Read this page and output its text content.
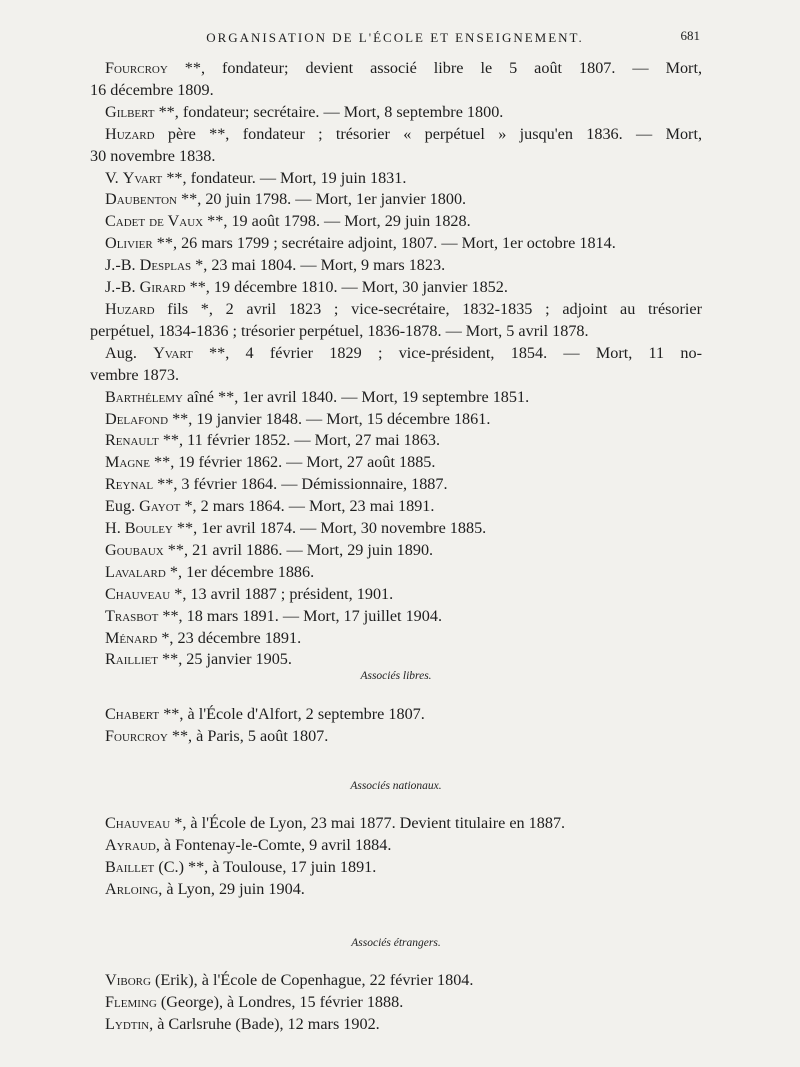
ORGANISATION DE L'ÉCOLE ET ENSEIGNEMENT.	681
Fourcroy **, fondateur; devient associé libre le 5 août 1807. — Mort,
16 décembre 1809.
Gilbert **, fondateur; secrétaire. — Mort, 8 septembre 1800.
Huzard père **, fondateur ; trésorier « perpétuel » jusqu'en 1836. — Mort,
30 novembre 1838.
V. Yvart **, fondateur. — Mort, 19 juin 1831.
Daubenton **, 20 juin 1798. — Mort, 1er janvier 1800.
Cadet de Vaux **, 19 août 1798. — Mort, 29 juin 1828.
Olivier **, 26 mars 1799 ; secrétaire adjoint, 1807. — Mort, 1er octobre 1814.
J.-B. Desplas *, 23 mai 1804. — Mort, 9 mars 1823.
J.-B. Girard **, 19 décembre 1810. — Mort, 30 janvier 1852.
Huzard fils *, 2 avril 1823 ; vice-secrétaire, 1832-1835 ; adjoint au trésorier
perpétuel, 1834-1836 ; trésorier perpétuel, 1836-1878. — Mort, 5 avril 1878.
Aug. Yvart **, 4 février 1829 ; vice-président, 1854. — Mort, 11 no-
vembre 1873.
Barthélemy aîné **, 1er avril 1840. — Mort, 19 septembre 1851.
Delafond **, 19 janvier 1848. — Mort, 15 décembre 1861.
Renault **, 11 février 1852. — Mort, 27 mai 1863.
Magne **, 19 février 1862. — Mort, 27 août 1885.
Reynal **, 3 février 1864. — Démissionnaire, 1887.
Eug. Gayot *, 2 mars 1864. — Mort, 23 mai 1891.
H. Bouley **, 1er avril 1874. — Mort, 30 novembre 1885.
Goubaux **, 21 avril 1886. — Mort, 29 juin 1890.
Lavalard *, 1er décembre 1886.
Chauveau *, 13 avril 1887 ; président, 1901.
Trasbot **, 18 mars 1891. — Mort, 17 juillet 1904.
Ménard *, 23 décembre 1891.
Railliet **, 25 janvier 1905.
Associés libres.
Chabert **, à l'École d'Alfort, 2 septembre 1807.
Fourcroy **, à Paris, 5 août 1807.
Associés nationaux.
Chauveau *, à l'École de Lyon, 23 mai 1877. Devient titulaire en 1887.
Ayraud, à Fontenay-le-Comte, 9 avril 1884.
Baillet (C.) **, à Toulouse, 17 juin 1891.
Arloing, à Lyon, 29 juin 1904.
Associés étrangers.
Viborg (Erik), à l'École de Copenhague, 22 février 1804.
Fleming (George), à Londres, 15 février 1888.
Lydtin, à Carlsruhe (Bade), 12 mars 1902.
